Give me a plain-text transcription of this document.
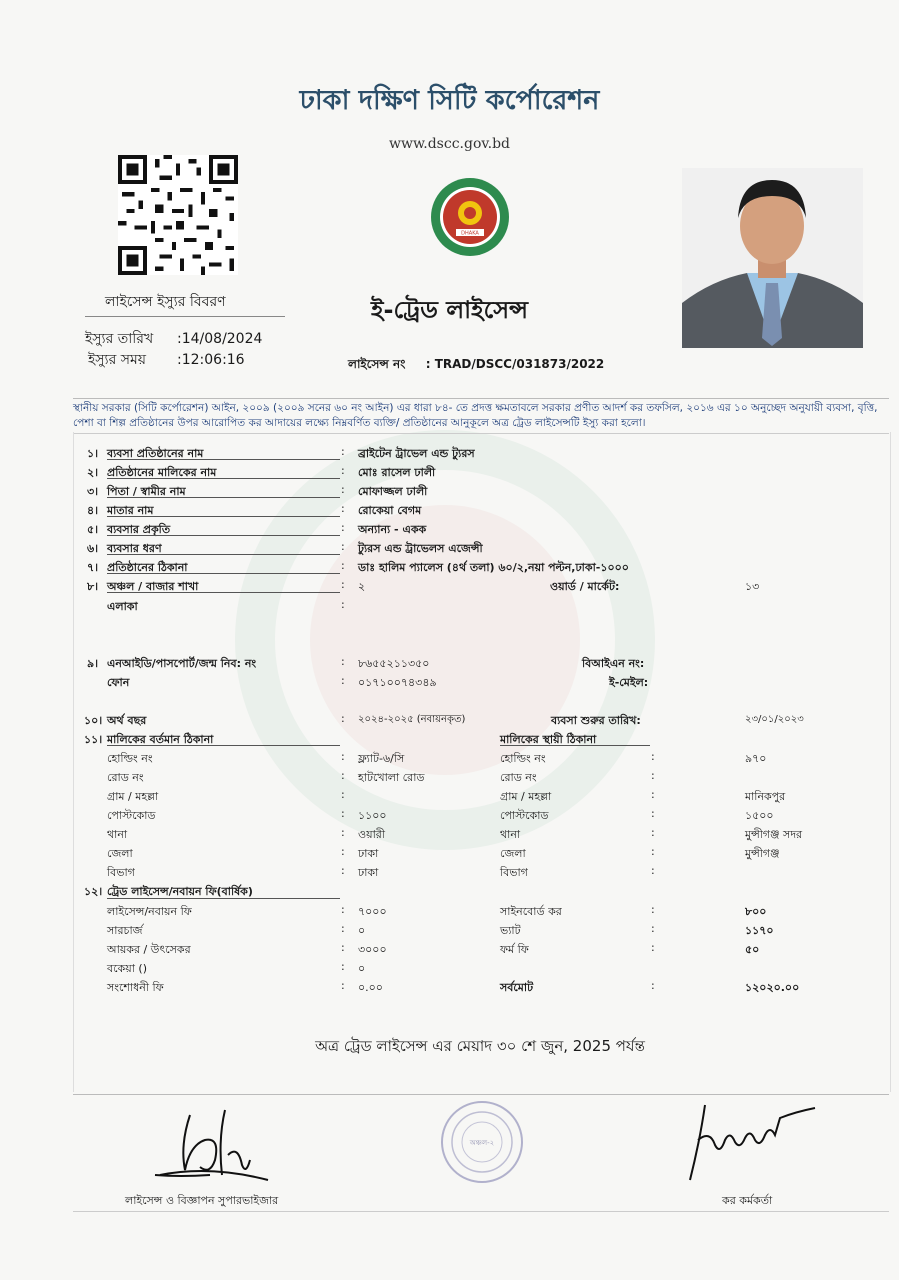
ঢাকা দক্ষিণ সিটি কর্পোরেশন
www.dscc.gov.bd
লাইসেন্স ইস্যুর বিবরণ
ইস্যুর তারিখ :14/08/2024
ইস্যুর সময় :12:06:16
DHAKA
ই-ট্রেড লাইসেন্স
লাইসেন্স নং : TRAD/DSCC/031873/2022
স্থানীয় সরকার (সিটি কর্পোরেশন) আইন, ২০০৯ (২০০৯ সনের ৬০ নং আইন) এর ধারা ৮৪- তে প্রদত্ত ক্ষমতাবলে সরকার প্রণীত আদর্শ কর তফসিল, ২০১৬ এর ১০ অনুচ্ছেদ অনুযায়ী ব্যবসা, বৃত্তি, পেশা বা শিল্প প্রতিষ্ঠানের উপর আরোপিত কর আদায়ের লক্ষ্যে নিম্নবর্ণিত ব্যক্তি/ প্রতিষ্ঠানের আনুকূলে অত্র ট্রেড লাইসেন্সটি ইস্যু করা হলো।
১। ব্যবসা প্রতিষ্ঠানের নাম	: ব্রাইটেন ট্রাভেল এন্ড ট্যুরস
২। প্রতিষ্ঠানের মালিকের নাম	: মোঃ রাসেল ঢালী
৩। পিতা / স্বামীর নাম	: মোফাজ্জল ঢালী
৪। মাতার নাম	: রোকেয়া বেগম
৫। ব্যবসার প্রকৃতি	: অন্যান্য - একক
৬। ব্যবসার ধরণ	: ট্যুরস এন্ড ট্রাভেলস এজেন্সী
৭। প্রতিষ্ঠানের ঠিকানা	: ডাঃ হালিম প্যালেস (৪র্থ তলা) ৬০/২,নয়া পল্টন,ঢাকা-১০০০
৮। অঞ্চল / বাজার শাখা	: ২	ওয়ার্ড / মার্কেট:	১৩
এলাকা	:
৯। এনআইডি/পাসপোর্ট/জন্ম নিব: নং	: ৮৬৫৫২১১৩৫০	বিআইএন নং:
ফোন	: ০১৭১০০৭৪৩৪৯	ই-মেইল:
১০। অর্থ বছর	: ২০২৪-২০২৫ (নবায়নকৃত)	ব্যবসা শুরুর তারিখ:	২৩/০১/২০২৩
১১। মালিকের বর্তমান ঠিকানা	মালিকের স্থায়ী ঠিকানা
হোল্ডিং নং	: ফ্ল্যাট-৬/সি	হোল্ডিং নং	:	৯৭০
রোড নং	: হাটখোলা রোড	রোড নং	:
গ্রাম / মহল্লা	:	গ্রাম / মহল্লা	:	মানিকপুর
পোস্টকোড	: ১১০০	পোস্টকোড	:	১৫০০
থানা	: ওয়ারী	থানা	:	মুন্সীগঞ্জ সদর
জেলা	: ঢাকা	জেলা	:	মুন্সীগঞ্জ
বিভাগ	: ঢাকা	বিভাগ	:
১২। ট্রেড লাইসেন্স/নবায়ন ফি(বার্ষিক)
লাইসেন্স/নবায়ন ফি	: ৭০০০	সাইনবোর্ড কর	:	৮০০
সারচার্জ	: ০	ভ্যাট	:	১১৭০
আয়কর / উৎসেকর	: ৩০০০	ফর্ম ফি	:	৫০
বকেয়া ()	: ০
সংশোধনী ফি	: ০.০০	সর্বমোট	:	১২০২০.০০
অত্র ট্রেড লাইসেন্স এর মেয়াদ ৩০ শে জুন, 2025 পর্যন্ত
লাইসেন্স ও বিজ্ঞাপন সুপারভাইজার
অঞ্চল-২
কর কর্মকর্তা
